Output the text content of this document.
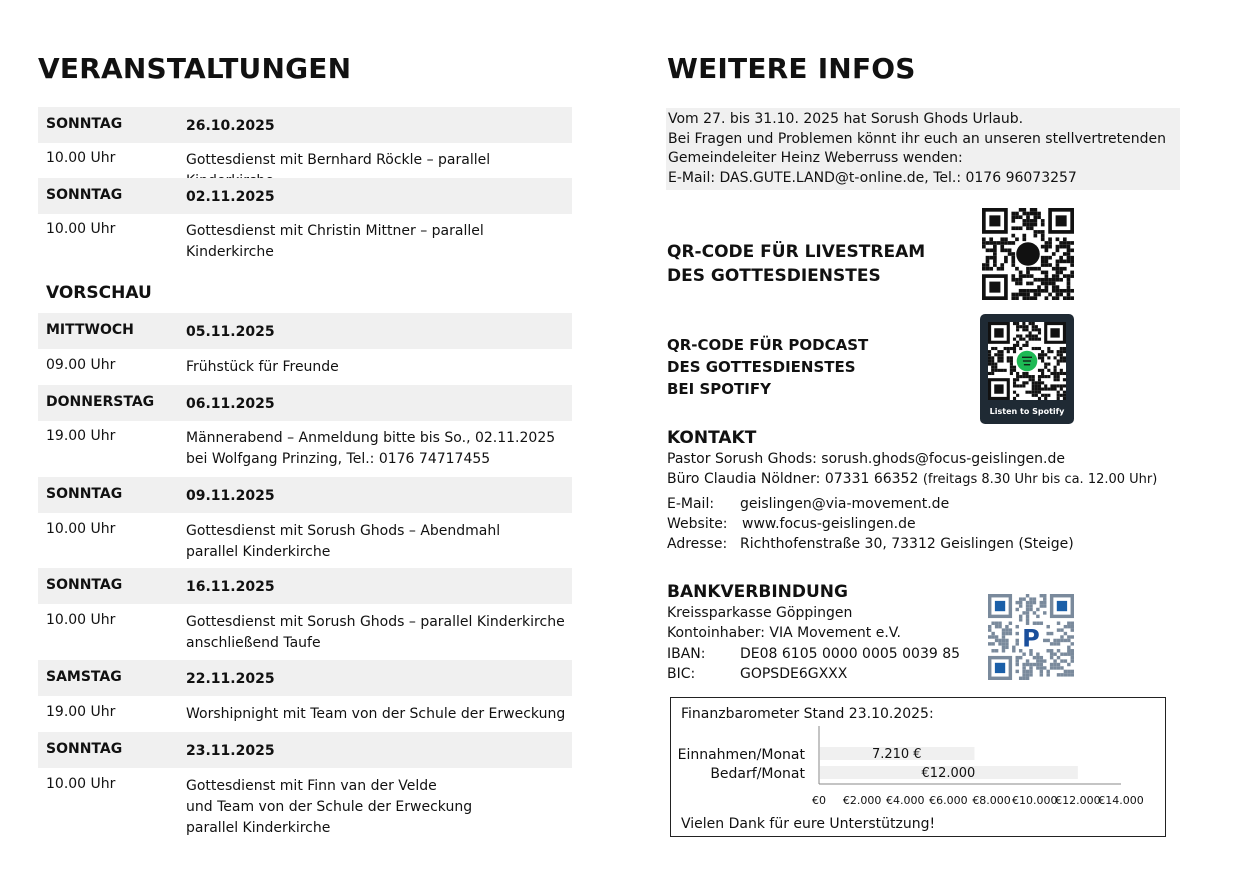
VERANSTALTUNGEN
SONNTAG	26.10.2025
10.00 Uhr	Gottesdienst mit Bernhard Röckle – parallel
SONNTAG	02.11.2025
10.00 Uhr	Gottesdienst mit Christin Mittner – parallel Kinderkirche
MITTWOCH	05.11.2025
09.00 Uhr	Frühstück für Freunde
DONNERSTAG 06.11.2025
19.00 Uhr	Männerabend – Anmeldung bitte bis So., 02.11.2025
bei Wolfgang Prinzing, Tel.: 0176 74717455
SONNTAG	09.11.2025
10.00 Uhr	Gottesdienst mit Sorush Ghods – Abendmahl
parallel Kinderkirche
SONNTAG	16.11.2025
10.00 Uhr	Gottesdienst mit Sorush Ghods – parallel Kinderkirche
anschließend Taufe
SAMSTAG	22.11.2025
19.00 Uhr	Worshipnight mit Team von der Schule der Erweckung
SONNTAG	23.11.2025
10.00 Uhr	Gottesdienst mit Finn van der Velde
und Team von der Schule der Erweckung
parallel Kinderkirche
VORSCHAU
WEITERE INFOS
Vom 27. bis 31.10. 2025 hat Sorush Ghods Urlaub.
Bei Fragen und Problemen könnt ihr euch an unseren stellvertretenden
Gemeindeleiter Heinz Weberruss wenden:
E-Mail: DAS.GUTE.LAND@t-online.de, Tel.: 0176 96073257
QR-CODE FÜR LIVESTREAM
DES GOTTESDIENSTES
QR-CODE FÜR PODCAST
DES GOTTESDIENSTES
BEI SPOTIFY
Listen to Spotify
KONTAKT
Pastor Sorush Ghods: sorush.ghods@focus-geislingen.de
Büro Claudia Nöldner: 07331 66352 (freitags 8.30 Uhr bis ca. 12.00 Uhr)
E-Mail: geislingen@via-movement.de
Website: www.focus-geislingen.de
Adresse: Richthofenstraße 30, 73312 Geislingen (Steige)
BANKVERBINDUNG
Kreissparkasse Göppingen
Kontoinhaber: VIA Movement e.V.
IBAN: DE08 6105 0000 0005 0039 85
BIC:	GOPSDE6GXXX
P
Finanzbarometer Stand 23.10.2025:
Einnahmen/Monat	7.210 €
Bedarf/Monat	€12.000
€0 €2.000 €4.000 €6.000 €8.000 €10.000
€12.000
€14.000
Vielen Dank für eure Unterstützung!
